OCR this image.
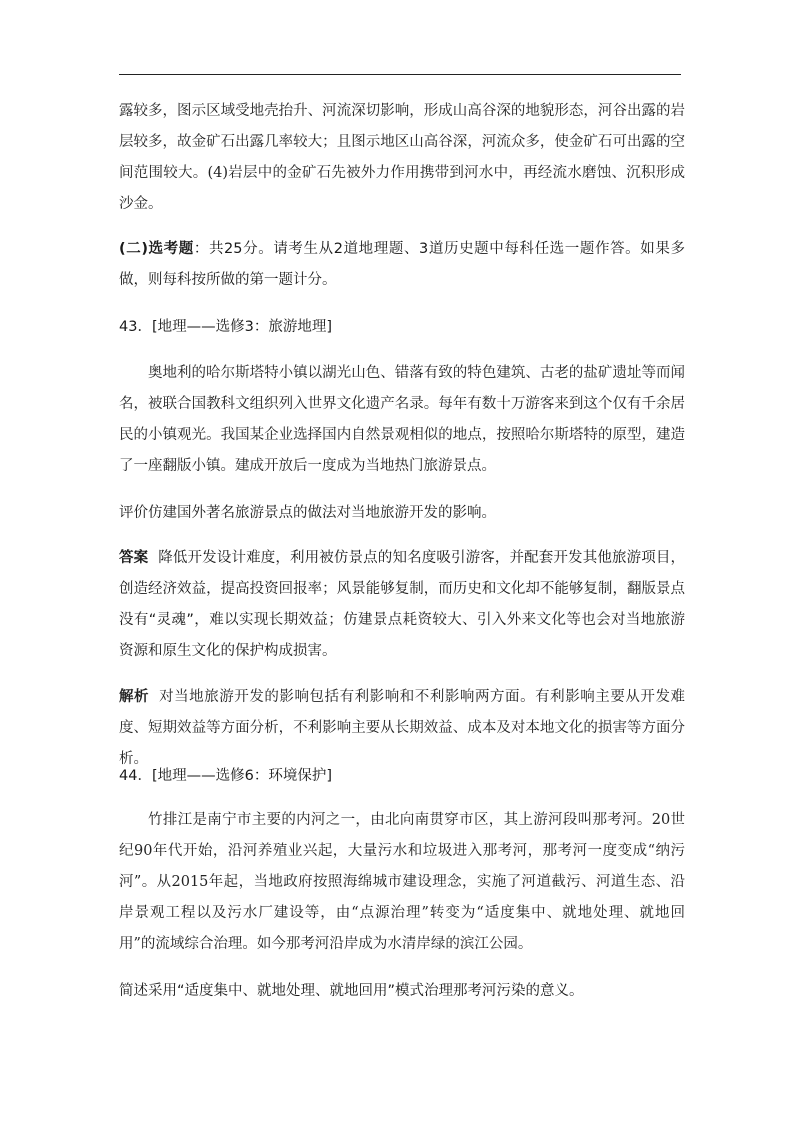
露较多，图示区域受地壳抬升、河流深切影响，形成山高谷深的地貌形态，河谷出露的岩层较多，故金矿石出露几率较大；且图示地区山高谷深，河流众多，使金矿石可出露的空间范围较大。(4)岩层中的金矿石先被外力作用携带到河水中，再经流水磨蚀、沉积形成沙金。

(二)选考题：共25分。请考生从2道地理题、3道历史题中每科任选一题作答。如果多做，则每科按所做的第一题计分。

43．[地理——选修3：旅游地理]

奥地利的哈尔斯塔特小镇以湖光山色、错落有致的特色建筑、古老的盐矿遗址等而闻名，被联合国教科文组织列入世界文化遗产名录。每年有数十万游客来到这个仅有千余居民的小镇观光。我国某企业选择国内自然景观相似的地点，按照哈尔斯塔特的原型，建造了一座翻版小镇。建成开放后一度成为当地热门旅游景点。

评价仿建国外著名旅游景点的做法对当地旅游开发的影响。

答案 降低开发设计难度，利用被仿景点的知名度吸引游客，并配套开发其他旅游项目，创造经济效益，提高投资回报率；风景能够复制，而历史和文化却不能够复制，翻版景点没有“灵魂”，难以实现长期效益；仿建景点耗资较大、引入外来文化等也会对当地旅游资源和原生文化的保护构成损害。

解析 对当地旅游开发的影响包括有利影响和不利影响两方面。有利影响主要从开发难度、短期效益等方面分析，不利影响主要从长期效益、成本及对本地文化的损害等方面分析。

44．[地理——选修6：环境保护]

竹排江是南宁市主要的内河之一，由北向南贯穿市区，其上游河段叫那考河。20世纪90年代开始，沿河养殖业兴起，大量污水和垃圾进入那考河，那考河一度变成“纳污河”。从2015年起，当地政府按照海绵城市建设理念，实施了河道截污、河道生态、沿岸景观工程以及污水厂建设等，由“点源治理”转变为“适度集中、就地处理、就地回用”的流域综合治理。如今那考河沿岸成为水清岸绿的滨江公园。

简述采用“适度集中、就地处理、就地回用”模式治理那考河污染的意义。
